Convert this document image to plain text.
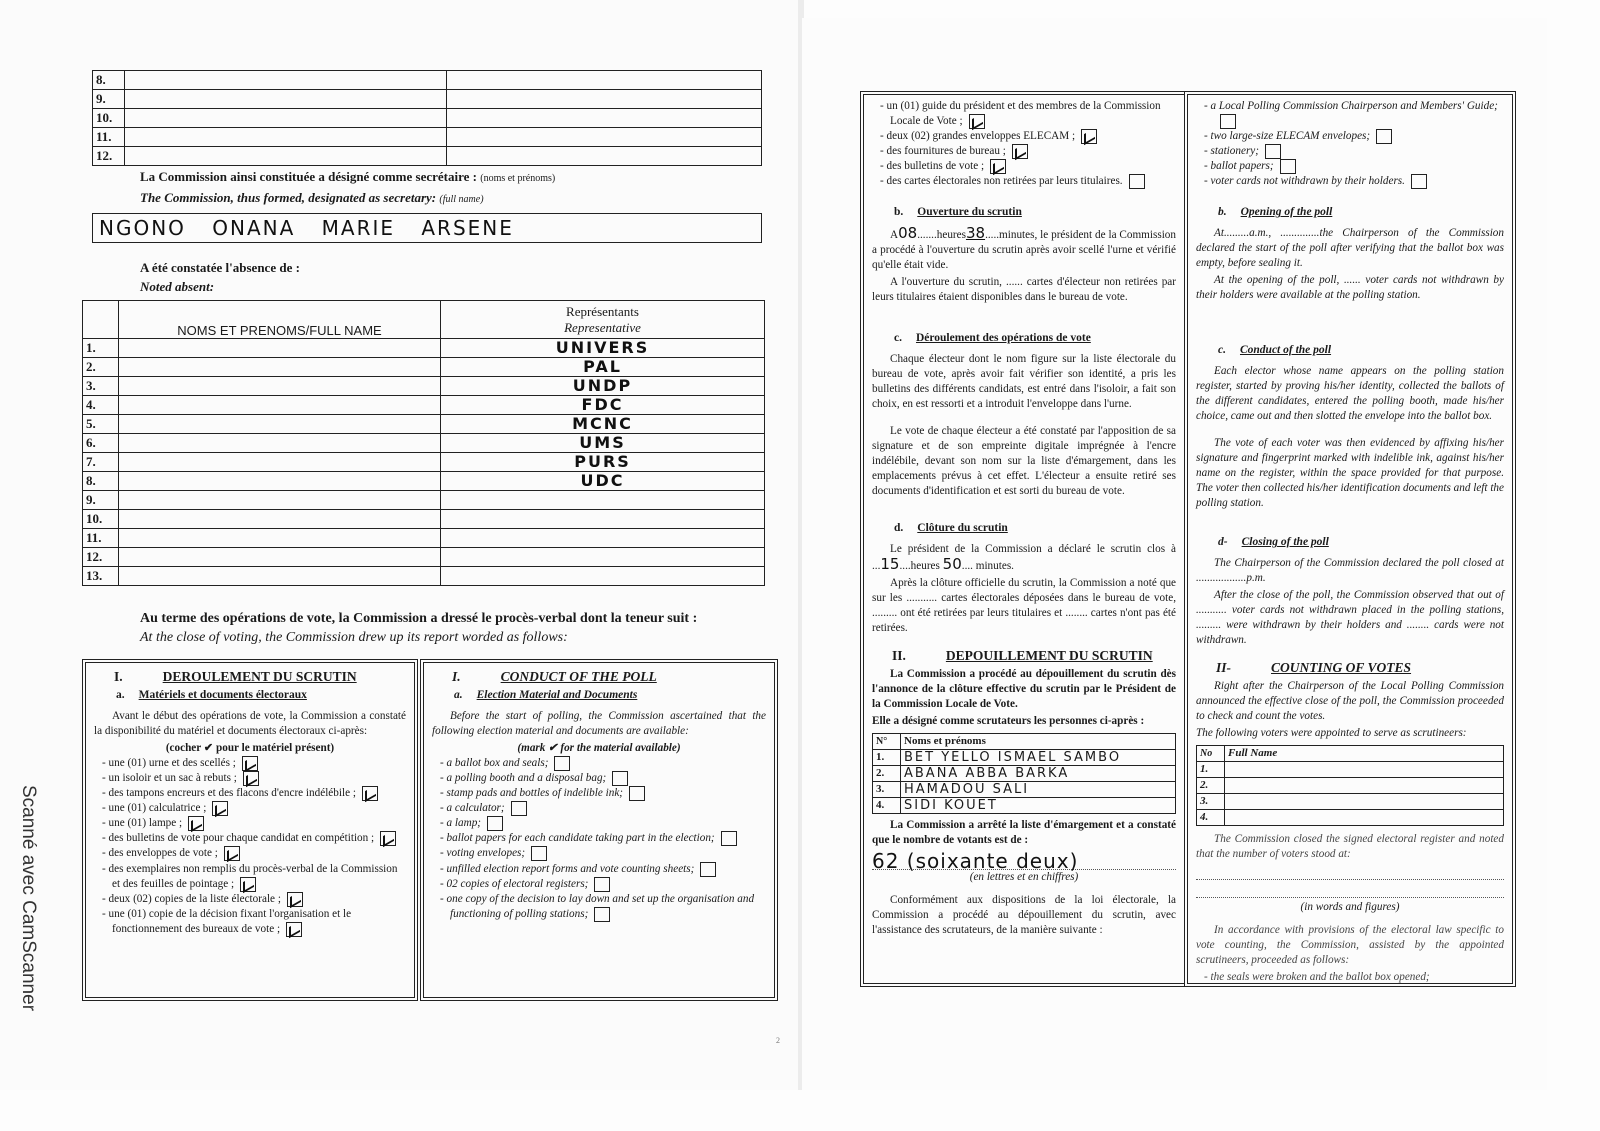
8.		
9.		
10.		
11.		
12.		
La Commission ainsi constituée a désigné comme secrétaire : (noms et prénoms)
The Commission, thus formed, designated as secretary: (full name)
NGONO ONANA MARIE ARSENE
A été constatée l'absence de :
Noted absent:
	NOMS ET PRENOMS/FULL NAME	Représentants
Representative

1.		UNIVERS
2.		PAL
3.		UNDP
4.		FDC
5.		MCNC
6.		UMS
7.		PURS
8.		UDC
9.		
10.		
11.		
12.		
13.		
Au terme des opérations de vote, la Commission a dressé le procès-verbal dont la teneur suit :
At the close of voting, the Commission drew up its report worded as follows:
I.	DEROULEMENT DU SCRUTIN
a. Matériels et documents électoraux
Avant le début des opérations de vote, la Commission a constaté la disponibilité du matériel et documents électoraux ci-après:
(cocher ✔ pour le matériel présent)
- une (01) urne et des scellés ;
- un isoloir et un sac à rebuts ;
- des tampons encreurs et des flacons d'encre indélébile ;
- une (01) calculatrice ;
- une (01) lampe ;
- des bulletins de vote pour chaque candidat en compétition ;
- des enveloppes de vote ;
- des exemplaires non remplis du procès-verbal de la Commission et des feuilles de pointage ;
- deux (02) copies de la liste électorale ;
- une (01) copie de la décision fixant l'organisation et le fonctionnement des bureaux de vote ;
I.	CONDUCT OF THE POLL
a. Election Material and Documents
Before the start of polling, the Commission ascertained that the following election material and documents are available:
(mark ✔ for the material available)
- a ballot box and seals;
- a polling booth and a disposal bag;
- stamp pads and bottles of indelible ink;
- a calculator;
- a lamp;
- ballot papers for each candidate taking part in the election;
- voting envelopes;
- unfilled election report forms and vote counting sheets;
- 02 copies of electoral registers;
- one copy of the decision to lay down and set up the organisation and functioning of polling stations;
2
- un (01) guide du président et des membres de la Commission Locale de Vote ;
- deux (02) grandes enveloppes ELECAM ;
- des fournitures de bureau ;
- des bulletins de vote ;
- des cartes électorales non retirées par leurs titulaires.
b. Ouverture du scrutin
A08.......heures38.....minutes, le président de la Commission a procédé à l'ouverture du scrutin après avoir scellé l'urne et vérifié qu'elle était vide.
A l'ouverture du scrutin, ...... cartes d'électeur non retirées par leurs titulaires étaient disponibles dans le bureau de vote.
c. Déroulement des opérations de vote
Chaque électeur dont le nom figure sur la liste électorale du bureau de vote, après avoir fait vérifier son identité, a pris les bulletins des différents candidats, est entré dans l'isoloir, a fait son choix, en est ressorti et a introduit l'enveloppe dans l'urne.
Le vote de chaque électeur a été constaté par l'apposition de sa signature et de son empreinte digitale imprégnée à l'encre indélébile, devant son nom sur la liste d'émargement, dans les emplacements prévus à cet effet. L'électeur a ensuite retiré ses documents d'identification et est sorti du bureau de vote.
d. Clôture du scrutin
Le président de la Commission a déclaré le scrutin clos à ...15....heures 50.... minutes.
Après la clôture officielle du scrutin, la Commission a noté que sur les ........... cartes électorales déposées dans le bureau de vote, ......... ont été retirées par leurs titulaires et ........ cartes n'ont pas été retirées.
II.	DEPOUILLEMENT DU SCRUTIN
La Commission a procédé au dépouillement du scrutin dès l'annonce de la clôture effective du scrutin par le Président de la Commission Locale de Vote.
Elle a désigné comme scrutateurs les personnes ci-après :
N°	Noms et prénoms
1.	BET YELLO ISMAEL SAMBO
2.	ABANA ABBA BARKA
3.	HAMADOU SALI
4.	SIDI KOUET
La Commission a arrêté la liste d'émargement et a constaté que le nombre de votants est de :
62 (soixante deux)
(en lettres et en chiffres)
Conformément aux dispositions de la loi électorale, la Commission a procédé au dépouillement du scrutin, avec l'assistance des scrutateurs, de la manière suivante :
- a Local Polling Commission Chairperson and Members' Guide;
- two large-size ELECAM envelopes;
- stationery;
- ballot papers;
- voter cards not withdrawn by their holders.
b. Opening of the poll
At.........a.m., ..............the Chairperson of the Commission declared the start of the poll after verifying that the ballot box was empty, before sealing it.
At the opening of the poll, ...... voter cards not withdrawn by their holders were available at the polling station.
c. Conduct of the poll
Each elector whose name appears on the polling station register, started by proving his/her identity, collected the ballots of the different candidates, entered the polling booth, made his/her choice, came out and then slotted the envelope into the ballot box.
The vote of each voter was then evidenced by affixing his/her signature and fingerprint marked with indelible ink, against his/her name on the register, within the space provided for that purpose. The voter then collected his/her identification documents and left the polling station.
d- Closing of the poll
The Chairperson of the Commission declared the poll closed at ..................p.m.
After the close of the poll, the Commission observed that out of ........... voter cards not withdrawn placed in the polling stations, ......... were withdrawn by their holders and ........ cards were not withdrawn.
II-	COUNTING OF VOTES
Right after the Chairperson of the Local Polling Commission announced the effective close of the poll, the Commission proceeded to check and count the votes.
The following voters were appointed to serve as scrutineers:
No	Full Name
1.	
2.	
3.	
4.	
The Commission closed the signed electoral register and noted that the number of voters stood at:
(in words and figures)
In accordance with provisions of the electoral law specific to vote counting, the Commission, assisted by the appointed scrutineers, proceeded as follows:
- the seals were broken and the ballot box opened;
Scanné avec CamScanner
